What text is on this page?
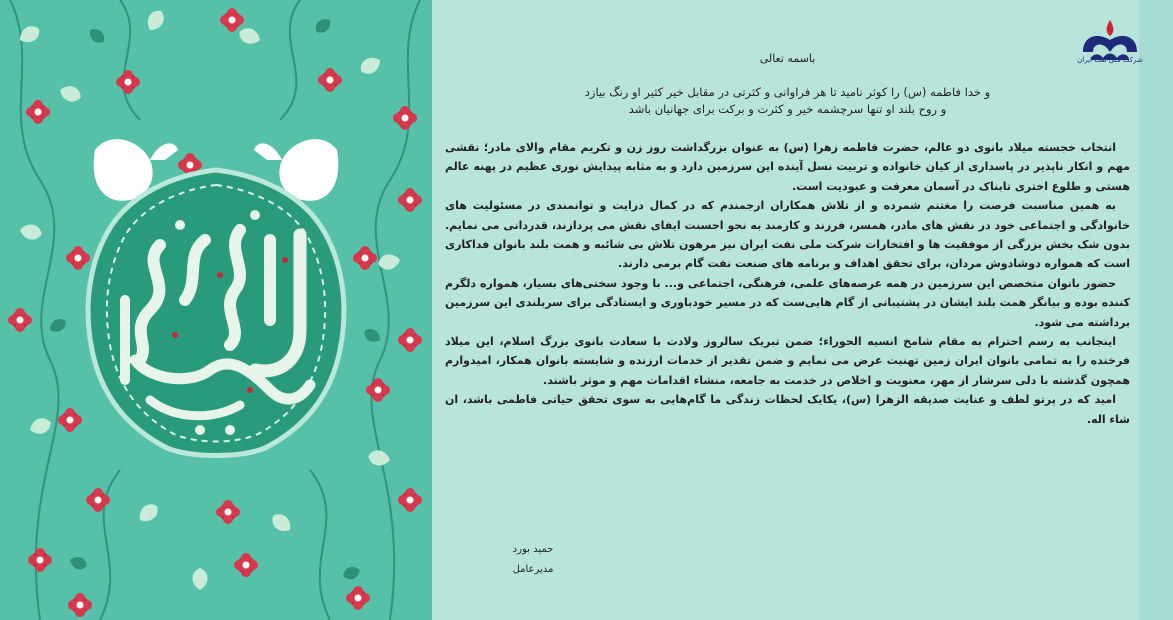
شرکت ملی نفت ایران
باسمه تعالی
و خدا فاطمه (س) را کوثر نامید تا هر فراوانی و کثرتی در مقابل خیر کثیر او رنگ بیازد
و روح بلند او تنها سرچشمه خیر و کثرت و برکت برای جهانیان باشد

انتخاب خجسته میلاد بانوی دو عالم، حضرت فاطمه زهرا (س) به عنوان بزرگداشت روز زن و تکریم مقام والای مادر؛ نقشی مهم و انکار ناپذیر در پاسداری از کیان خانواده و تربیت نسل آینده این سرزمین دارد و به مثابه پیدایش نوری عظیم در پهنه عالم هستی و طلوع اختری تابناک در آسمان معرفت و عبودیت است.

به همین مناسبت فرصت را مغتنم شمرده و از تلاش همکاران ارجمندم که در کمال درایت و توانمندی در مسئولیت های خانوادگی و اجتماعی خود در نقش های مادر، همسر، فرزند و کارمند به نحو احسنت ایفای نقش می پردازند، قدردانی می نمایم. بدون شک بخش بزرگی از موفقیت ها و افتخارات شرکت ملی نفت ایران نیز مرهون تلاش بی شائبه و همت بلند بانوان فداکاری است که همواره دوشادوش مردان، برای تحقق اهداف و برنامه های صنعت نفت گام برمی دارند.

حضور بانوان متخصص این سرزمین در همه عرصه‌های علمی، فرهنگی، اجتماعی و... با وجود سختی‌های بسیار، همواره دلگرم کننده بوده و بیانگر همت بلند ایشان در پشتیبانی از گام هایی‌ست که در مسیر خودباوری و ایستادگی برای سربلندی این سرزمین برداشته می شود.

اینجانب به رسم احترام به مقام شامخ انسیه الحوراء؛ ضمن تبریک سالروز ولادت با سعادت بانوی بزرگ اسلام، این میلاد فرخنده را به تمامی بانوان ایران زمین تهنیت عرض می نمایم و ضمن تقدیر از خدمات ارزنده و شایسته بانوان همکار، امیدوارم همچون گذشته با دلی سرشار از مهر، معنویت و اخلاص در خدمت به جامعه، منشاء اقدامات مهم و موثر باشند.

امید که در پرتو لطف و عنایت صدیقه الزهرا (س)، یکایک لحظات زندگی ما گام‌هایی به سوی تحقق حیاتی فاطمی باشد، ان شاء اله.

حمید بورد
مدیرعامل
